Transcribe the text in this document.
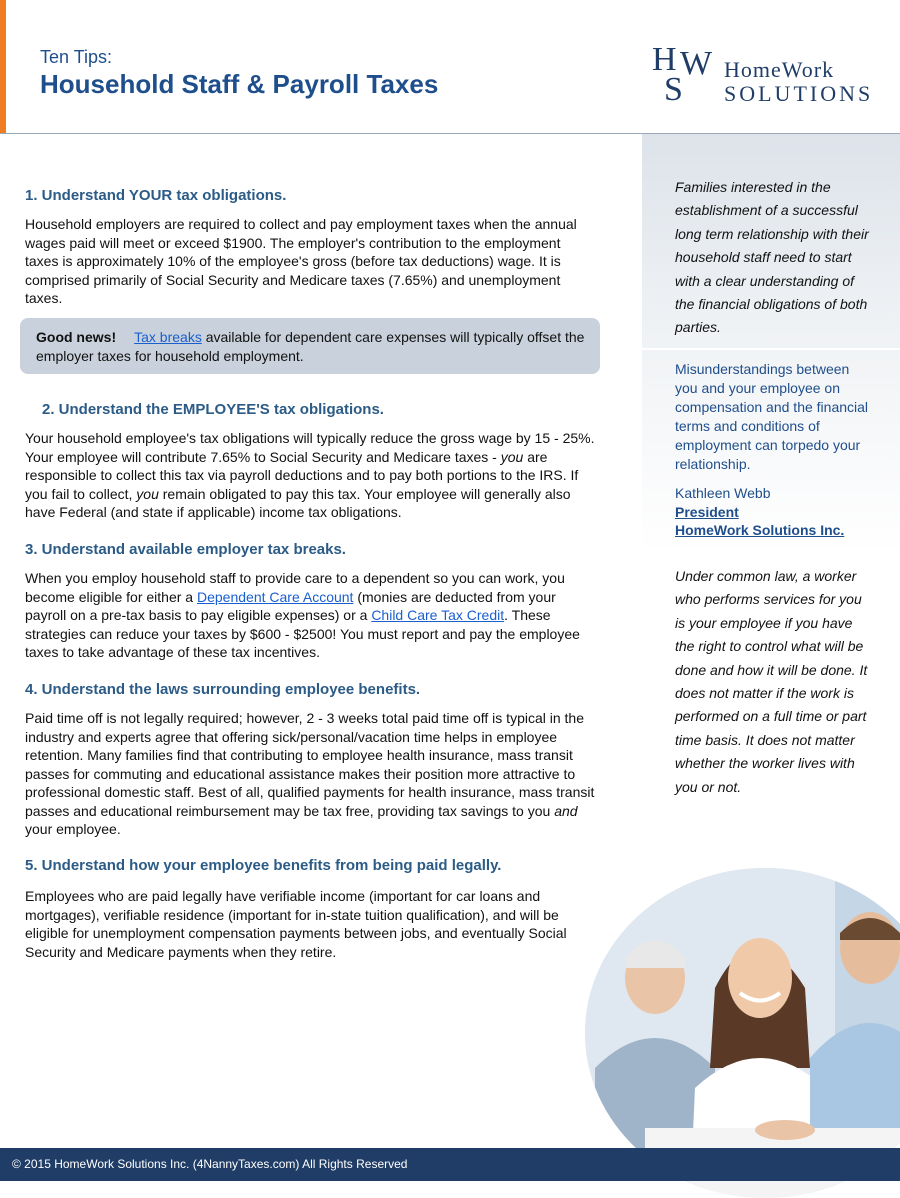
Ten Tips:
Household Staff & Payroll Taxes
H
S
W HomeWork
SOLUTIONS
Families interested in the establishment of a successful long term relationship with their household staff need to start with a clear understanding of the financial obligations of both parties.
Misunderstandings between you and your employee on compensation and the financial terms and conditions of employment can torpedo your relationship.
Kathleen Webb
President
HomeWork Solutions Inc.
Under common law, a worker who performs services for you is your employee if you have the right to control what will be done and how it will be done. It does not matter if the work is performed on a full time or part time basis. It does not matter whether the worker lives with you or not.
1. Understand YOUR tax obligations.
Household employers are required to collect and pay employment taxes when the annual wages paid will meet or exceed $1900. The employer's contribution to the employment taxes is approximately 10% of the employee's gross (before tax deductions) wage. It is comprised primarily of Social Security and Medicare taxes (7.65%) and unemployment taxes.
Good news! Tax breaks available for dependent care expenses will typically offset the employer taxes for household employment.
2. Understand the EMPLOYEE'S tax obligations.
Your household employee's tax obligations will typically reduce the gross wage by 15 - 25%. Your employee will contribute 7.65% to Social Security and Medicare taxes - you are responsible to collect this tax via payroll deductions and to pay both portions to the IRS. If you fail to collect, you remain obligated to pay this tax. Your employee will generally also have Federal (and state if applicable) income tax obligations.
3. Understand available employer tax breaks.
When you employ household staff to provide care to a dependent so you can work, you become eligible for either a Dependent Care Account (monies are deducted from your payroll on a pre-tax basis to pay eligible expenses) or a Child Care Tax Credit. These strategies can reduce your taxes by $600 - $2500! You must report and pay the employee taxes to take advantage of these tax incentives.
4. Understand the laws surrounding employee benefits.
Paid time off is not legally required; however, 2 - 3 weeks total paid time off is typical in the industry and experts agree that offering sick/personal/vacation time helps in employee retention. Many families find that contributing to employee health insurance, mass transit passes for commuting and educational assistance makes their position more attractive to professional domestic staff. Best of all, qualified payments for health insurance, mass transit passes and educational reimbursement may be tax free, providing tax savings to you and your employee.
5. Understand how your employee benefits from being paid legally.
Employees who are paid legally have verifiable income (important for car loans and mortgages), verifiable residence (important for in-state tuition qualification), and will be eligible for unemployment compensation payments between jobs, and eventually Social Security and Medicare payments when they retire.
© 2015 HomeWork Solutions Inc. (4NannyTaxes.com) All Rights Reserved
